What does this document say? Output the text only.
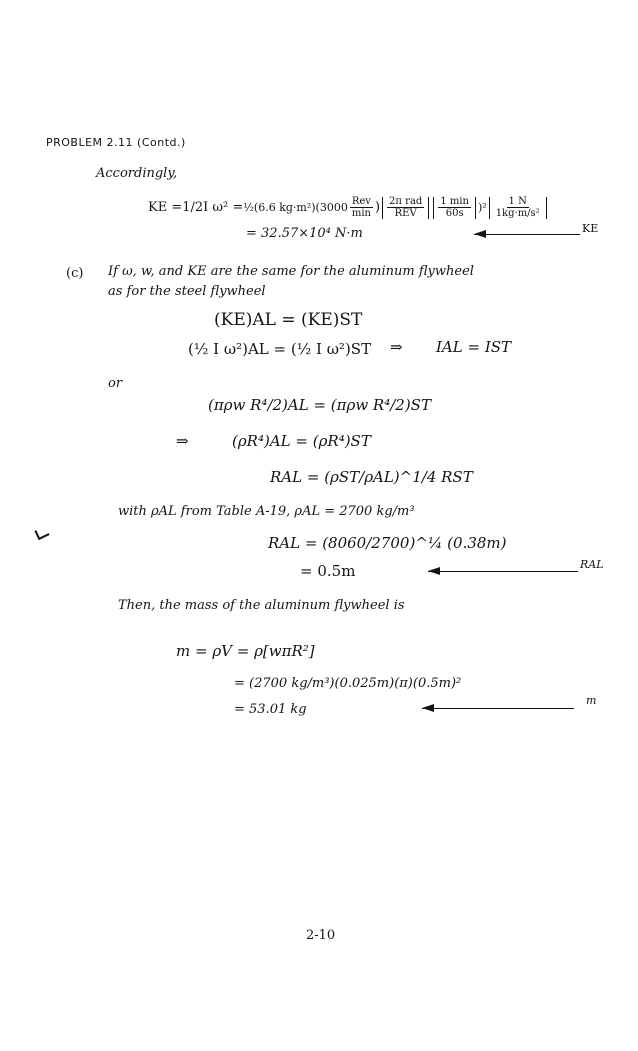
PROBLEM 2.11 (Contd.)
Accordingly,
KE = 1/2 I ω² = ½(6.6 $kg\cdot m^2)(3000 \frac{\text{Rev}}{\min}$ ) $\frac{\text{2π rad}}{\text{REV}} \frac{1 \min}{60s} )^2 \frac{1 N}{\text{1kg·m/s²}}$
= 32.57×10⁴ N·m	KE
(c) If ω, w, and KE are the same for the aluminum flywheel
as for the steel flywheel
(KE)AL = (KE)ST
(½ I ω²)AL = (½ I ω²)ST ⇒ IAL = IST
or
(πρw R⁴/2)AL = (πρw R⁴/2)ST
⇒	(ρR⁴)AL = (ρR⁴)ST
RAL = (ρST/ρAL)^1/4 RST
with ρAL from Table A-19, ρAL = 2700 kg/m³
RAL = (8060/2700)^¼ (0.38m)
= 0.5m	RAL
Then, the mass of the aluminum flywheel is
m = ρV = ρ[wπR²]
= (2700 kg/m³)(0.025m)(π)(0.5m)²
= 53.01 kg
m
2-10
